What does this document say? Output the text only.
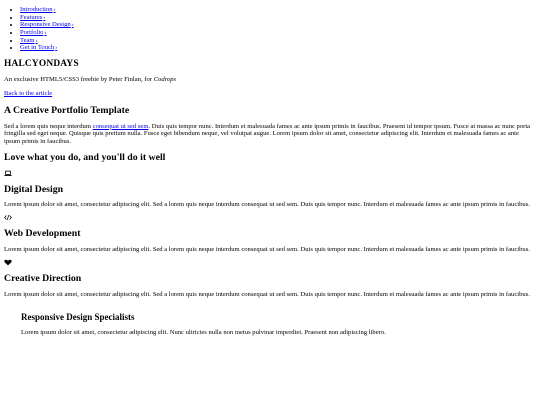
• Introduction›
• Features›
• Responsive Design›
• Portfolio›
• Team›
• Get in Touch›
HALCYONDAYS

An exclusive HTML5/CSS3 freebie by Peter Finlan, for Codrops

Back to the article
A Creative Portfolio Template

Sed a lorem quis neque interdum consequat ut sed sem. Duis quis tempor nunc. Interdum et malesuada fames ac ante ipsum primis in faucibus. Praesent id tempor ipsum. Fusce at massa ac nunc porta fringilla sed eget neque. Quisque quis pretium nulla. Fusce eget bibendum neque, vel volutpat augue. Lorem ipsum dolor sit amet, consectetur adipiscing elit. Interdum et malesuada fames ac ante ipsum primis in faucibus.

Love what you do, and you'll do it well
Digital Design

Lorem ipsum dolor sit amet, consectetur adipiscing elit. Sed a lorem quis neque interdum consequat ut sed sem. Duis quis tempor nunc. Interdum et malesuada fames ac ante ipsum primis in faucibus.

Web Development

Lorem ipsum dolor sit amet, consectetur adipiscing elit. Sed a lorem quis neque interdum consequat ut sed sem. Duis quis tempor nunc. Interdum et malesuada fames ac ante ipsum primis in faucibus.

Creative Direction

Lorem ipsum dolor sit amet, consectetur adipiscing elit. Sed a lorem quis neque interdum consequat ut sed sem. Duis quis tempor nunc. Interdum et malesuada fames ac ante ipsum primis in faucibus.

Responsive Design Specialists

Lorem ipsum dolor sit amet, consectetur adipiscing elit. Nunc ultricies nulla non metus pulvinar imperdiet. Praesent non adipiscing libero.
